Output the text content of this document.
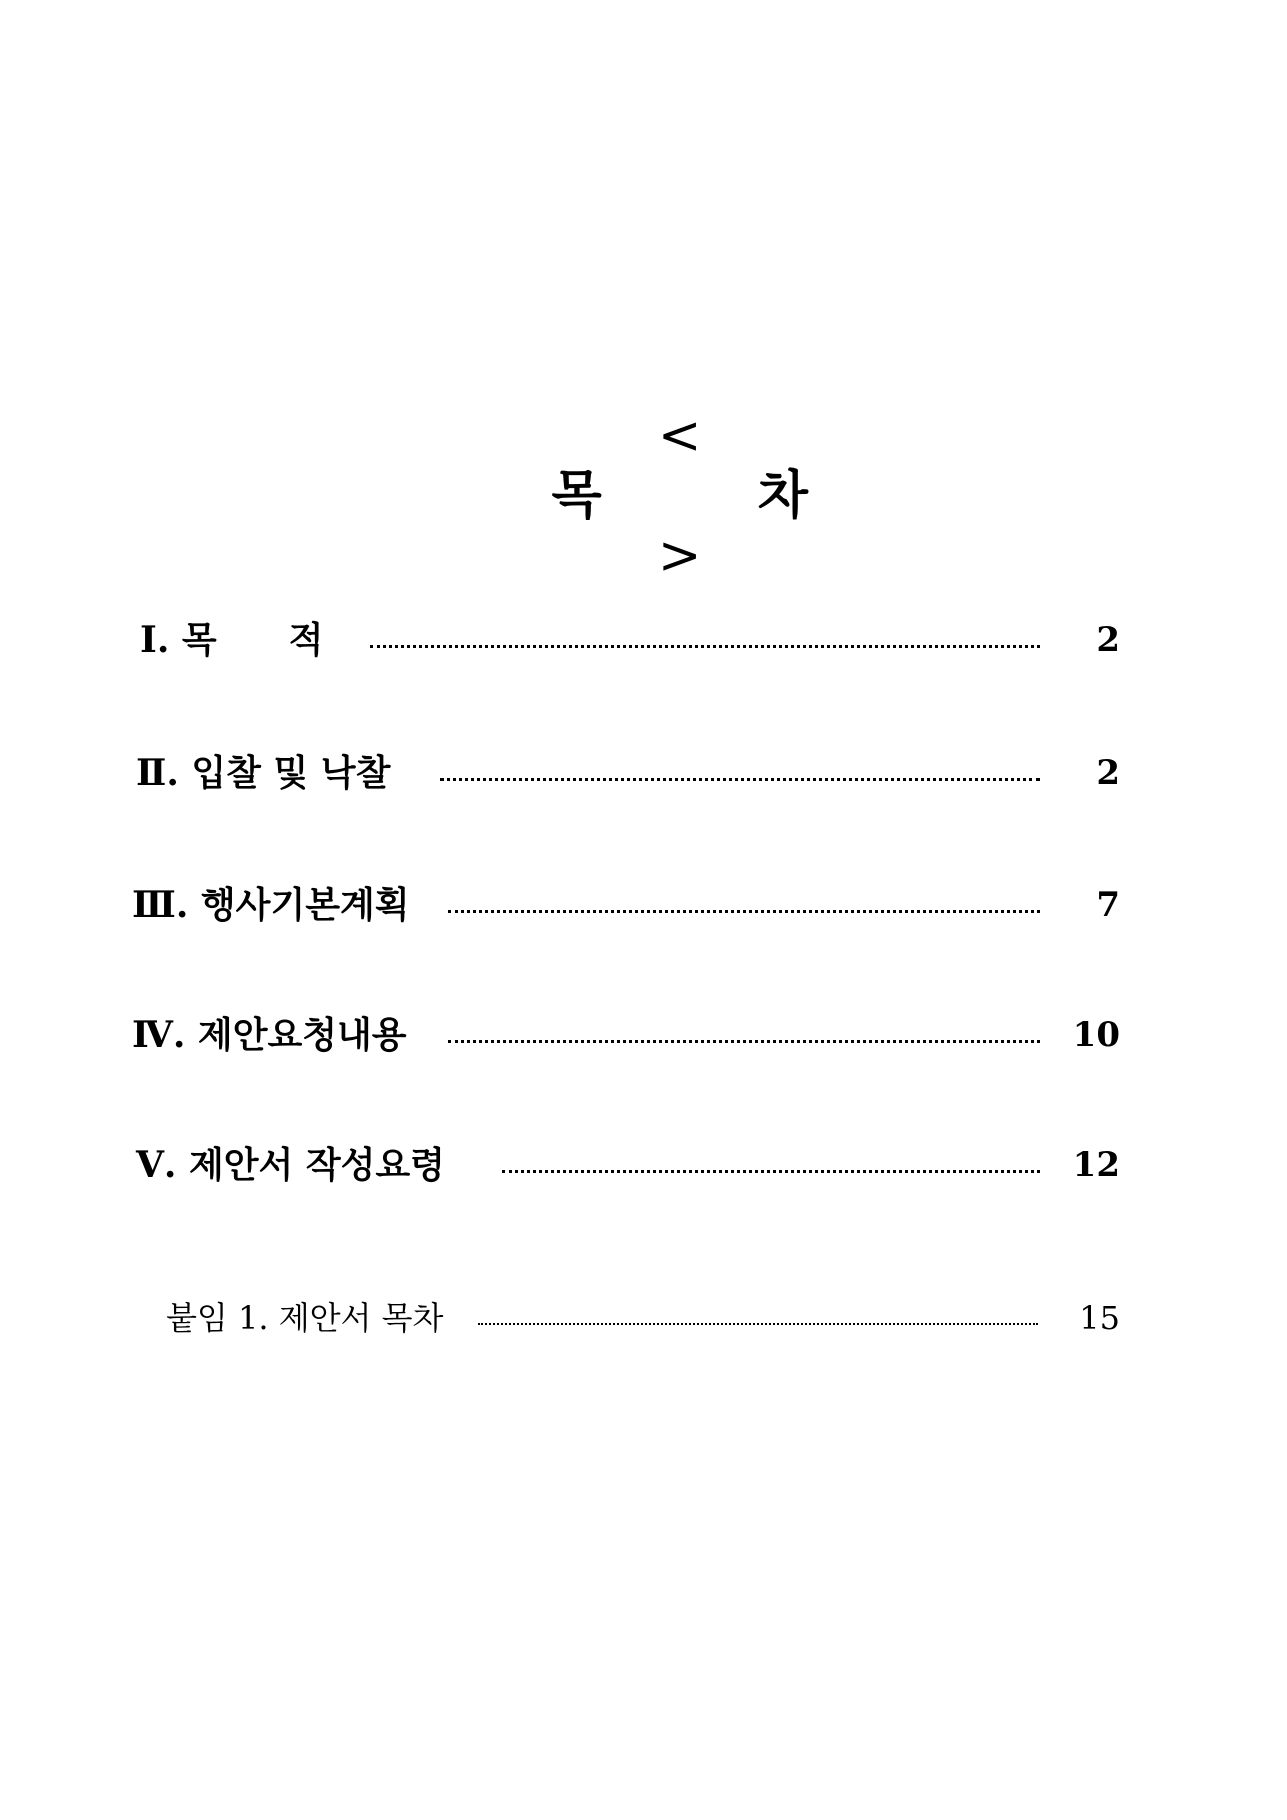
<
목　　　차
>

Ⅰ. 목　　적	2
Ⅱ. 입찰 및 낙찰	2
Ⅲ. 행사기본계획	7
Ⅳ. 제안요청내용	10
Ⅴ. 제안서 작성요령	12
붙임 1. 제안서 목차	15
